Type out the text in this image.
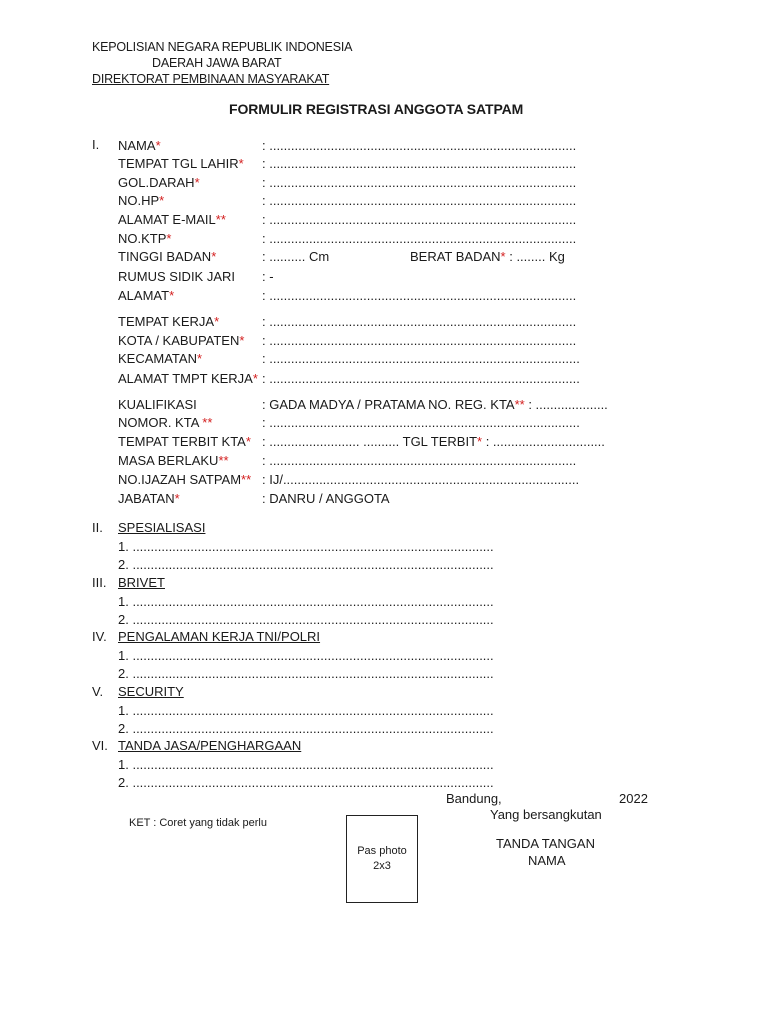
KEPOLISIAN NEGARA REPUBLIK INDONESIA
DAERAH JAWA BARAT
DIREKTORAT PEMBINAAN MASYARAKAT
FORMULIR REGISTRASI ANGGOTA SATPAM
I. NAMA*	: .....................................................................................
TEMPAT TGL LAHIR* : .....................................................................................
GOL.DARAH*	: .....................................................................................
NO.HP*	: .....................................................................................
ALAMAT E-MAIL**	: .....................................................................................
NO.KTP*	: .....................................................................................
TINGGI BADAN*	: .......... Cm	BERAT BADAN* : ........ Kg
RUMUS SIDIK JARI : -
ALAMAT*	: .....................................................................................
TEMPAT KERJA*	: .....................................................................................
KOTA / KABUPATEN* : .....................................................................................
KECAMATAN*	: ......................................................................................
ALAMAT TMPT KERJA* : ......................................................................................
KUALIFIKASI	: GADA MADYA / PRATAMA NO. REG. KTA** : ....................
NOMOR. KTA **	: ......................................................................................
TEMPAT TERBIT KTA* : ......................... .......... TGL TERBIT* : ...............................
MASA BERLAKU**	: .....................................................................................
NO.IJAZAH SATPAM** : IJ/..................................................................................
JABATAN*	: DANRU / ANGGOTA
II. SPESIALISASI
1. ....................................................................................................
2. ....................................................................................................
III. BRIVET
1. ....................................................................................................
2. ....................................................................................................
IV. PENGALAMAN KERJA TNI/POLRI
1. ....................................................................................................
2. ....................................................................................................
V. SECURITY
1. ....................................................................................................
2. ....................................................................................................
VI. TANDA JASA/PENGHARGAAN
1. ....................................................................................................
2. ....................................................................................................
Bandung,	2022
Yang bersangkutan
TANDA TANGAN
NAMA
KET : Coret yang tidak perlu
Pas photo
2x3
